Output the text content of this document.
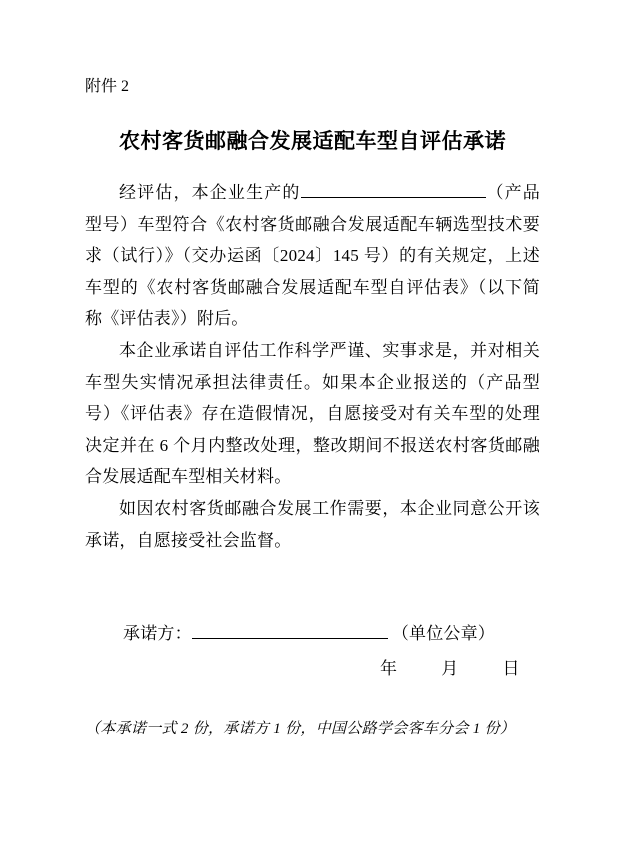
附件 2
农村客货邮融合发展适配车型自评估承诺

经评估，本企业生产的	（产品型号）车型符合《农村客货邮融合发展适配车辆选型技术要求（试行）》（交办运函〔2024〕145 号）的有关规定，上述车型的《农村客货邮融合发展适配车型自评估表》（以下简称《评估表》）附后。

本企业承诺自评估工作科学严谨、实事求是，并对相关车型失实情况承担法律责任。如果本企业报送的（产品型号）《评估表》存在造假情况，自愿接受对有关车型的处理决定并在 6 个月内整改处理，整改期间不报送农村客货邮融合发展适配车型相关材料。

如因农村客货邮融合发展工作需要，本企业同意公开该承诺，自愿接受社会监督。

承诺方：	（单位公章）
年	月	日
（本承诺一式 2 份，承诺方 1 份，中国公路学会客车分会 1 份）
